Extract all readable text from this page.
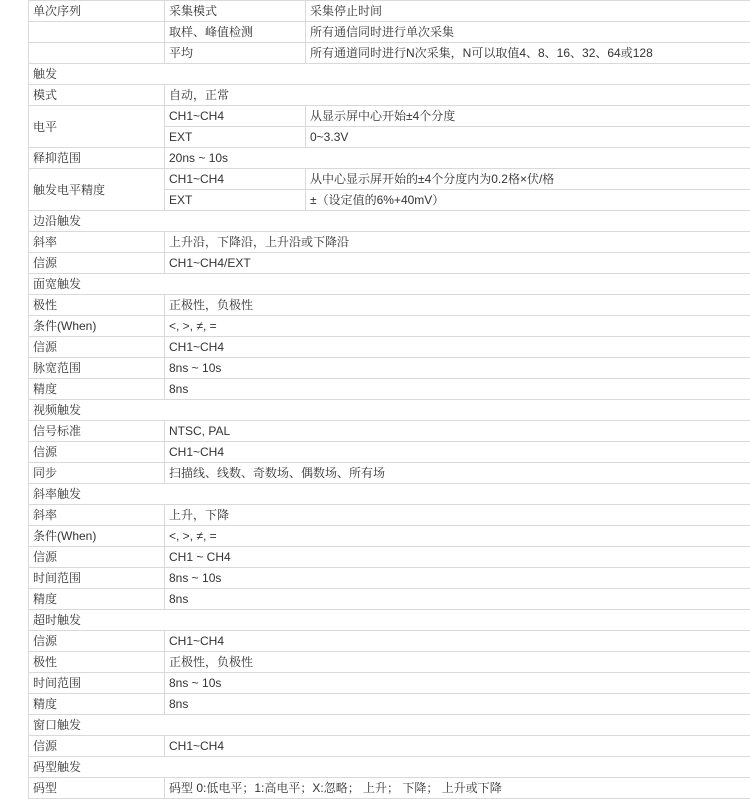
单次序列	采集模式	采集停止时间
	取样、峰值检测	所有通信同时进行单次采集
	平均	所有通道同时进行N次采集，N可以取值4、8、16、32、64或128
触发		
模式	自动，正常	
电平	CH1~CH4	从显示屏中心开始±4个分度
	EXT	0~3.3V
释抑范围	20ns ~ 10s	
触发电平精度	CH1~CH4	从中心显示屏开始的±4个分度内为0.2格×伏/格
	EXT	±（设定值的6%+40mV）
边沿触发		
斜率	上升沿，下降沿，上升沿或下降沿	
信源	CH1~CH4/EXT	
面宽触发		
极性	正极性，负极性	
条件(When)	<, >, ≠, =	
信源	CH1~CH4	
脉宽范围	8ns ~ 10s	
精度	8ns	
视频触发		
信号标准	NTSC, PAL	
信源	CH1~CH4	
同步	扫描线、线数、奇数场、偶数场、所有场	
斜率触发		
斜率	上升，下降	
条件(When)	<, >, ≠, =	
信源	CH1 ~ CH4	
时间范围	8ns ~ 10s	
精度	8ns	
超时触发		
信源	CH1~CH4	
极性	正极性，负极性	
时间范围	8ns ~ 10s	
精度	8ns	
窗口触发		
信源	CH1~CH4	
码型触发		
码型	码型 0:低电平；1:高电平；X:忽略； 上升； 下降； 上升或下降	
